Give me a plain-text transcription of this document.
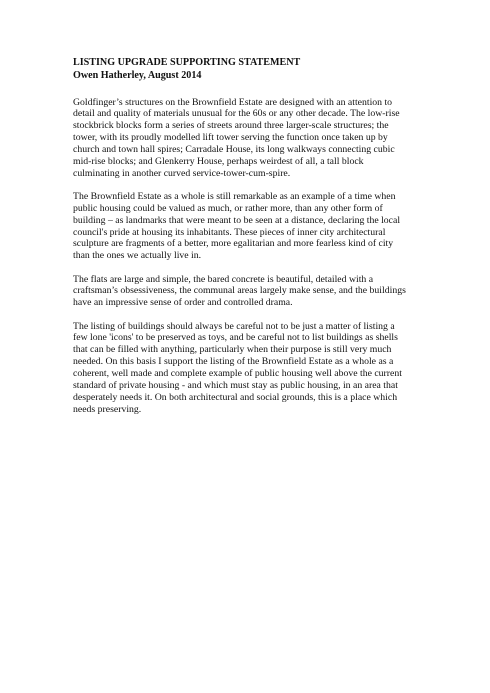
LISTING UPGRADE SUPPORTING STATEMENT
Owen Hatherley, August 2014
Goldfinger’s structures on the Brownfield Estate are designed with an attention to
detail and quality of materials unusual for the 60s or any other decade. The low-rise
stockbrick blocks form a series of streets around three larger-scale structures; the
tower, with its proudly modelled lift tower serving the function once taken up by
church and town hall spires; Carradale House, its long walkways connecting cubic
mid-rise blocks; and Glenkerry House, perhaps weirdest of all, a tall block
culminating in another curved service-tower-cum-spire.
The Brownfield Estate as a whole is still remarkable as an example of a time when
public housing could be valued as much, or rather more, than any other form of
building – as landmarks that were meant to be seen at a distance, declaring the local
council's pride at housing its inhabitants. These pieces of inner city architectural
sculpture are fragments of a better, more egalitarian and more fearless kind of city
than the ones we actually live in.
The flats are large and simple, the bared concrete is beautiful, detailed with a
craftsman’s obsessiveness, the communal areas largely make sense, and the buildings
have an impressive sense of order and controlled drama.
The listing of buildings should always be careful not to be just a matter of listing a
few lone 'icons' to be preserved as toys, and be careful not to list buildings as shells
that can be filled with anything, particularly when their purpose is still very much
needed. On this basis I support the listing of the Brownfield Estate as a whole as a
coherent, well made and complete example of public housing well above the current
standard of private housing - and which must stay as public housing, in an area that
desperately needs it. On both architectural and social grounds, this is a place which
needs preserving.
